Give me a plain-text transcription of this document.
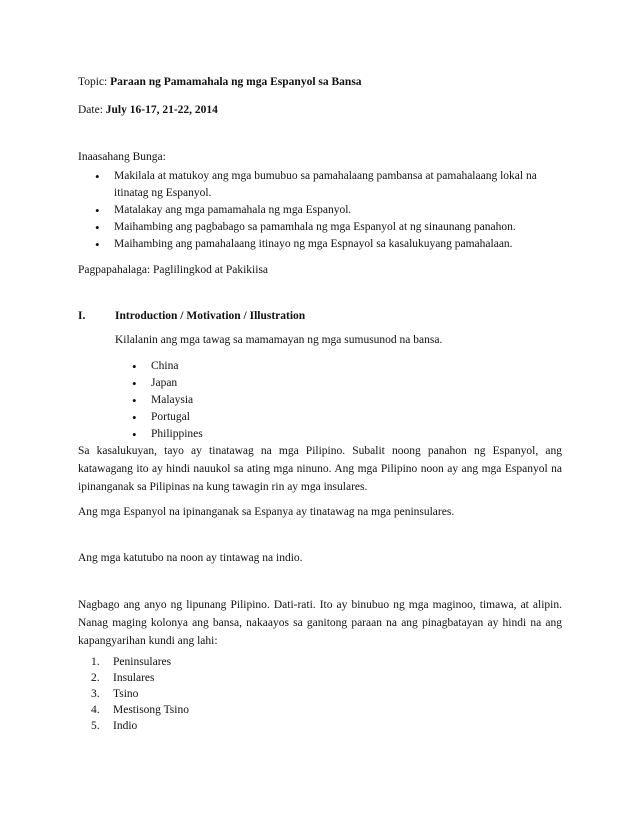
Topic: Paraan ng Pamamahala ng mga Espanyol sa Bansa
Date: July 16-17, 21-22, 2014
Inaasahang Bunga:
• Makilala at matukoy ang mga bumubuo sa pamahalaang pambansa at pamahalaang lokal na itinatag ng Espanyol.
• Matalakay ang mga pamamahala ng mga Espanyol.
• Maihambing ang pagbabago sa pamamhala ng mga Espanyol at ng sinaunang panahon.
• Maihambing ang pamahalaang itinayo ng mga Espnayol sa kasalukuyang pamahalaan.
Pagpapahalaga: Paglilingkod at Pakikiisa
I.	Introduction / Motivation / Illustration
Kilalanin ang mga tawag sa mamamayan ng mga sumusunod na bansa.
• China
• Japan
• Malaysia
• Portugal
• Philippines
Sa kasalukuyan, tayo ay tinatawag na mga Pilipino. Subalit noong panahon ng Espanyol, ang katawagang ito ay hindi nauukol sa ating mga ninuno. Ang mga Pilipino noon ay ang mga Espanyol na ipinanganak sa Pilipinas na kung tawagin rin ay mga insulares.
Ang mga Espanyol na ipinanganak sa Espanya ay tinatawag na mga peninsulares.
Ang mga katutubo na noon ay tintawag na indio.
Nagbago ang anyo ng lipunang Pilipino. Dati-rati. Ito ay binubuo ng mga maginoo, timawa, at alipin. Nanag maging kolonya ang bansa, nakaayos sa ganitong paraan na ang pinagbatayan ay hindi na ang kapangyarihan kundi ang lahi:
1. Peninsulares
2. Insulares
3. Tsino
4. Mestisong Tsino
5. Indio
